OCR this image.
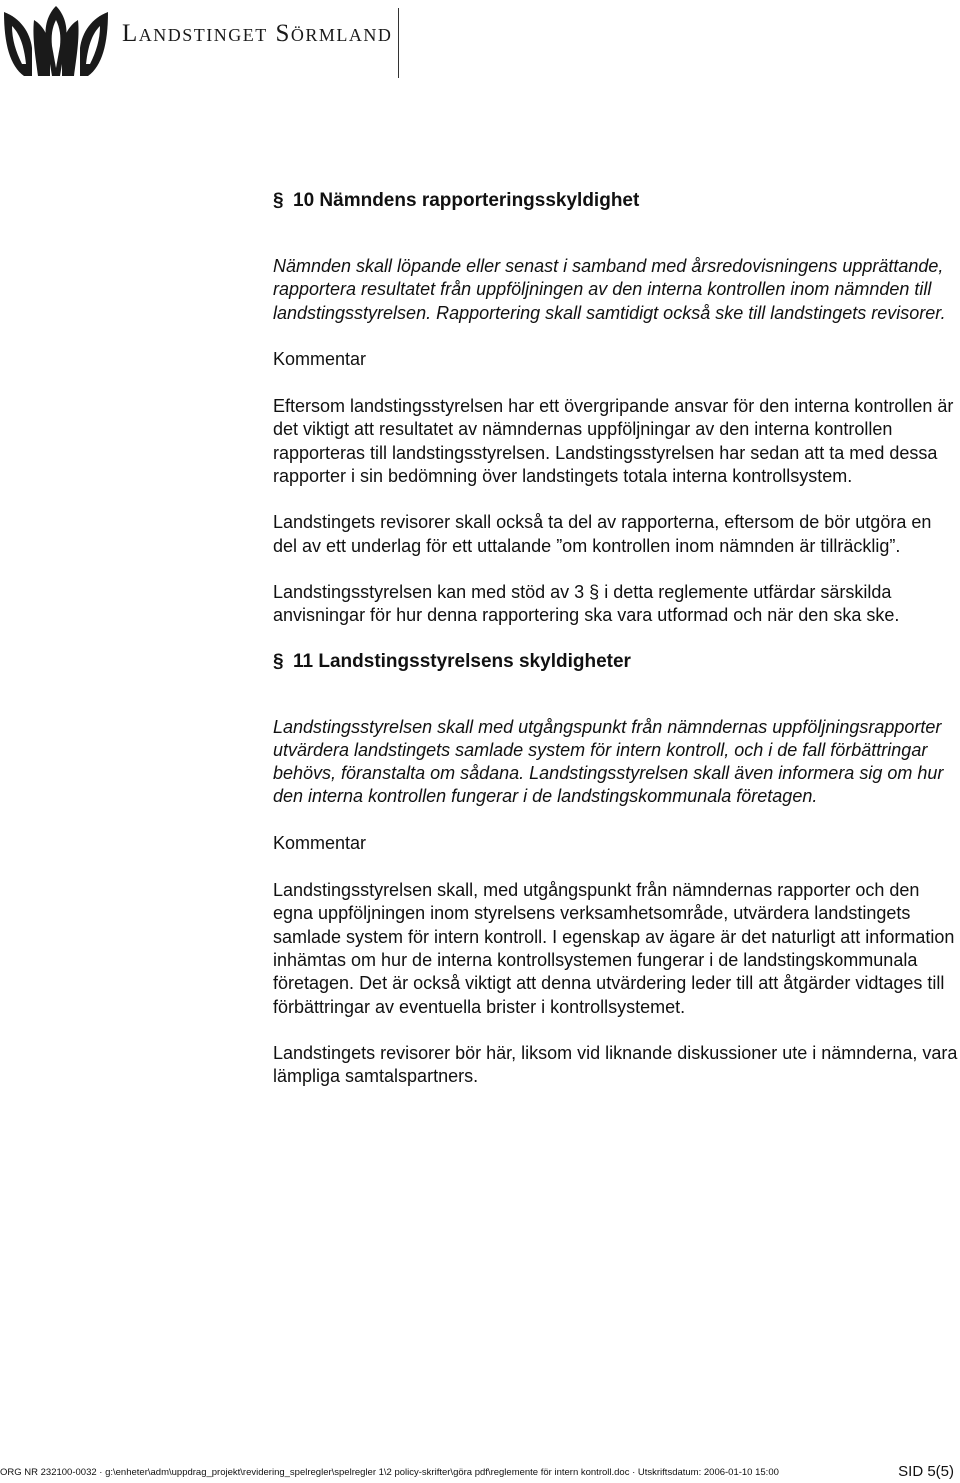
Landstinget Sörmland
§ 10 Nämndens rapporteringsskyldighet

Nämnden skall löpande eller senast i samband med årsredovisningens upprättande, rapportera resultatet från uppföljningen av den interna kontrollen inom nämnden till landstingsstyrelsen. Rapportering skall samtidigt också ske till landstingets revisorer.

Kommentar

Eftersom landstingsstyrelsen har ett övergripande ansvar för den interna kontrollen är det viktigt att resultatet av nämndernas uppföljningar av den interna kontrollen rapporteras till landstingsstyrelsen. Landstingsstyrelsen har sedan att ta med dessa rapporter i sin bedömning över landstingets totala interna kontrollsystem.

Landstingets revisorer skall också ta del av rapporterna, eftersom de bör utgöra en del av ett underlag för ett uttalande ”om kontrollen inom nämnden är tillräcklig”.

Landstingsstyrelsen kan med stöd av 3 § i detta reglemente utfärdar särskilda anvisningar för hur denna rapportering ska vara utformad och när den ska ske.

§ 11 Landstingsstyrelsens skyldigheter

Landstingsstyrelsen skall med utgångspunkt från nämndernas uppföljningsrapporter utvärdera landstingets samlade system för intern kontroll, och i de fall förbättringar behövs, föranstalta om sådana. Landstingsstyrelsen skall även informera sig om hur den interna kontrollen fungerar i de landstingskommunala företagen.

Kommentar

Landstingsstyrelsen skall, med utgångspunkt från nämndernas rapporter och den egna uppföljningen inom styrelsens verksamhetsområde, utvärdera landstingets samlade system för intern kontroll. I egenskap av ägare är det naturligt att information inhämtas om hur de interna kontrollsystemen fungerar i de landstingskommunala företagen. Det är också viktigt att denna utvärdering leder till att åtgärder vidtages till förbättringar av eventuella brister i kontrollsystemet.

Landstingets revisorer bör här, liksom vid liknande diskussioner ute i nämnderna, vara lämpliga samtalspartners.

ORG NR 232100-0032 · g:\enheter\adm\uppdrag_projekt\revidering_spelregler\spelregler 1\2 policy-skrifter\göra pdf\reglemente för intern kontroll.doc · Utskriftsdatum: 2006-01-10 15:00	SID 5(5)
